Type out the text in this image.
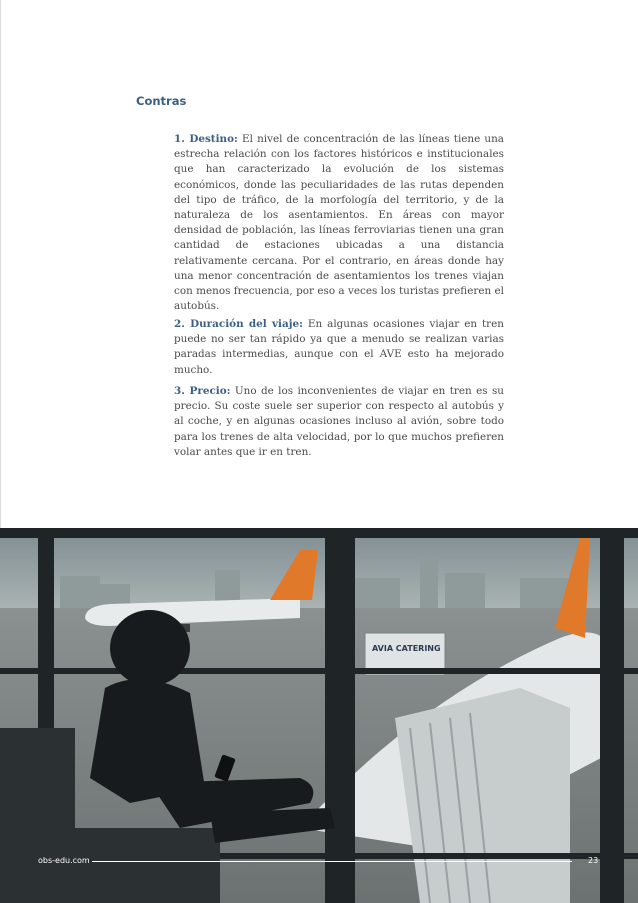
Contras

1. Destino: El nivel de concentración de las líneas tiene una estrecha relación con los factores históricos e institucionales que han caracterizado la evolución de los sistemas económicos, donde las peculiaridades de las rutas dependen del tipo de tráfico, de la morfología del territorio, y de la naturaleza de los asentamientos. En áreas con mayor densidad de población, las líneas ferroviarias tienen una gran cantidad de estaciones ubicadas a una distancia relativamente cercana. Por el contrario, en áreas donde hay una menor concentración de asentamientos los trenes viajan con menos frecuencia, por eso a veces los turistas prefieren el autobús.

2. Duración del viaje: En algunas ocasiones viajar en tren puede no ser tan rápido ya que a menudo se realizan varias paradas intermedias, aunque con el AVE esto ha mejorado mucho.

3. Precio: Uno de los inconvenientes de viajar en tren es su precio. Su coste suele ser superior con respecto al autobús y al coche, y en algunas ocasiones incluso al avión, sobre todo para los trenes de alta velocidad, por lo que muchos prefieren volar antes que ir en tren.

AVIA CATERING
obs-edu.com	23
